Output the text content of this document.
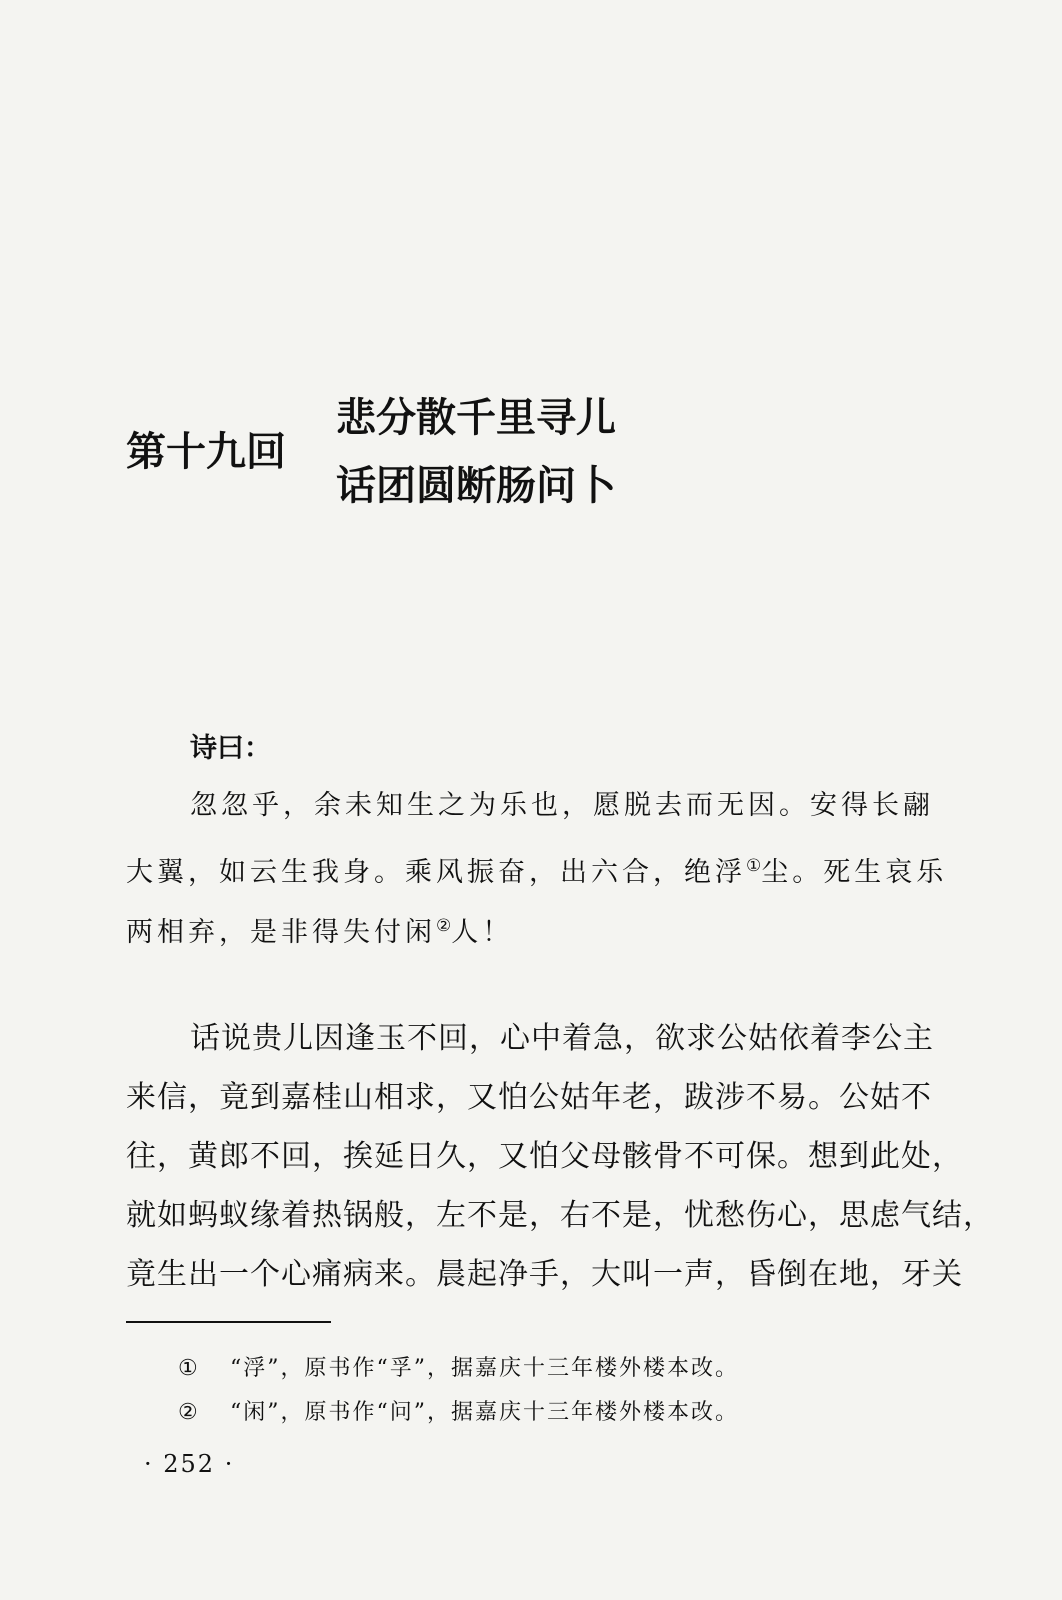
第十九回
悲分散千里寻儿
话团圆断肠问卜
诗曰：
忽忽乎，余未知生之为乐也，愿脱去而无因。安得长翮
大翼，如云生我身。乘风振奋，出六合，绝浮①尘。死生哀乐
两相弃，是非得失付闲②人！
话说贵儿因逢玉不回，心中着急，欲求公姑依着李公主
来信，竟到嘉桂山相求，又怕公姑年老，跋涉不易。公姑不
往，黄郎不回，挨延日久，又怕父母骸骨不可保。想到此处，
就如蚂蚁缘着热锅般，左不是，右不是，忧愁伤心，思虑气结，
竟生出一个心痛病来。晨起净手，大叫一声，昏倒在地，牙关
① “浮”，原书作“孚”，据嘉庆十三年楼外楼本改。
② “闲”，原书作“问”，据嘉庆十三年楼外楼本改。
· 252 ·
